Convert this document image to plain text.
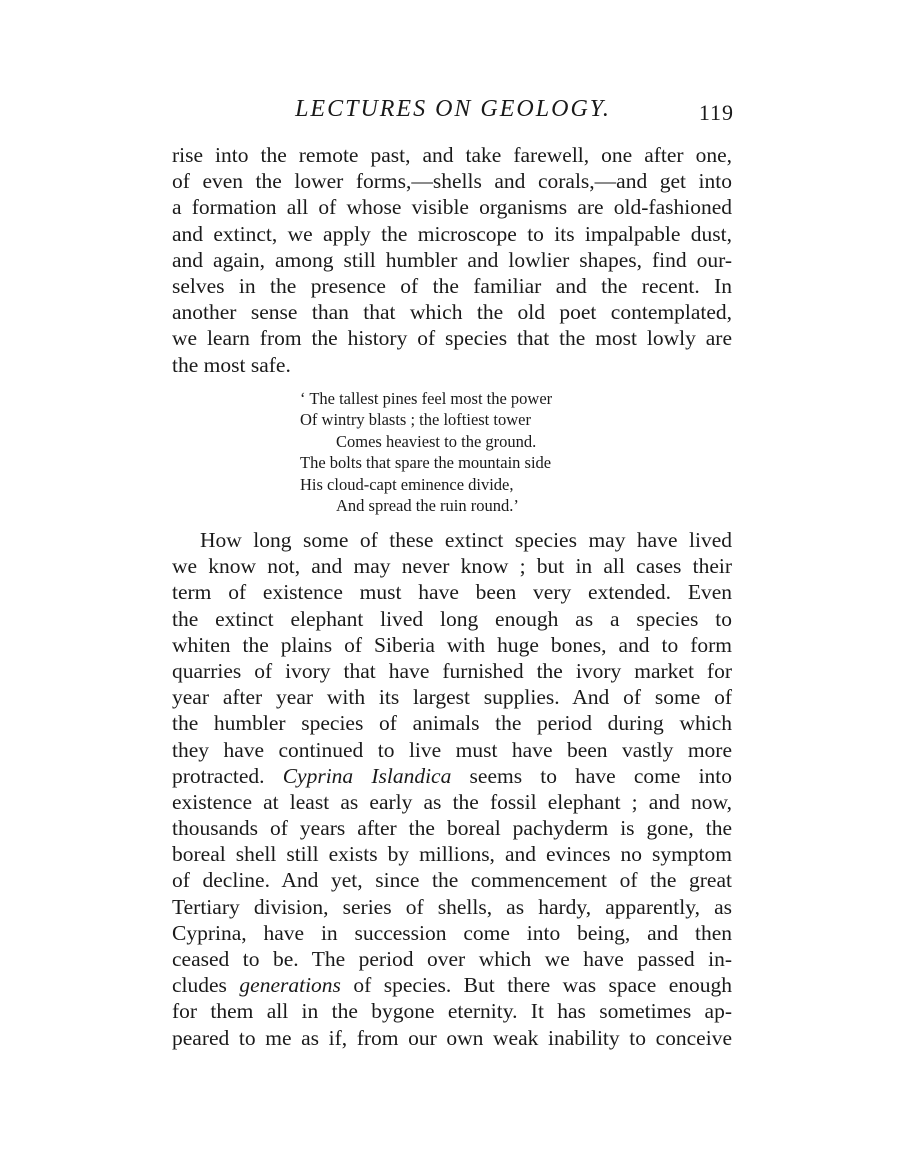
LECTURES ON GEOLOGY.	119
rise into the remote past, and take farewell, one after one,
of even the lower forms,—shells and corals,—and get into
a formation all of whose visible organisms are old-fashioned
and extinct, we apply the microscope to its impalpable dust,
and again, among still humbler and lowlier shapes, find our-
selves in the presence of the familiar and the recent. In
another sense than that which the old poet contemplated,
we learn from the history of species that the most lowly are
the most safe.
‘ The tallest pines feel most the power
Of wintry blasts ; the loftiest tower
Comes heaviest to the ground.
The bolts that spare the mountain side
His cloud-capt eminence divide,
And spread the ruin round.’
How long some of these extinct species may have lived
we know not, and may never know ; but in all cases their
term of existence must have been very extended. Even
the extinct elephant lived long enough as a species to
whiten the plains of Siberia with huge bones, and to form
quarries of ivory that have furnished the ivory market for
year after year with its largest supplies. And of some of
the humbler species of animals the period during which
they have continued to live must have been vastly more
protracted. Cyprina Islandica seems to have come into
existence at least as early as the fossil elephant ; and now,
thousands of years after the boreal pachyderm is gone, the
boreal shell still exists by millions, and evinces no symptom
of decline. And yet, since the commencement of the great
Tertiary division, series of shells, as hardy, apparently, as
Cyprina, have in succession come into being, and then
ceased to be. The period over which we have passed in-
cludes generations of species. But there was space enough
for them all in the bygone eternity. It has sometimes ap-
peared to me as if, from our own weak inability to conceive
